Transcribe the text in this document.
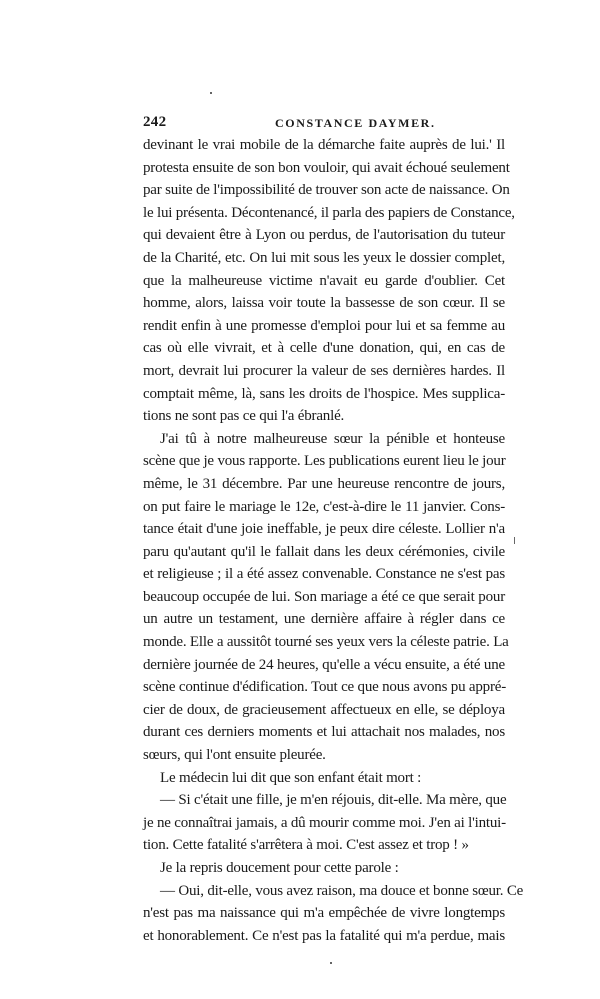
242	CONSTANCE DAYMER.
devinant le vrai mobile de la démarche faite auprès de lui.' Il
protesta ensuite de son bon vouloir, qui avait échoué seulement
par suite de l'impossibilité de trouver son acte de naissance. On
le lui présenta. Décontenancé, il parla des papiers de Constance,
qui devaient être à Lyon ou perdus, de l'autorisation du tuteur
de la Charité, etc. On lui mit sous les yeux le dossier complet,
que la malheureuse victime n'avait eu garde d'oublier. Cet
homme, alors, laissa voir toute la bassesse de son cœur. Il se
rendit enfin à une promesse d'emploi pour lui et sa femme au
cas où elle vivrait, et à celle d'une donation, qui, en cas de
mort, devrait lui procurer la valeur de ses dernières hardes. Il
comptait même, là, sans les droits de l'hospice. Mes supplica-
tions ne sont pas ce qui l'a ébranlé.
J'ai tû à notre malheureuse sœur la pénible et honteuse
scène que je vous rapporte. Les publications eurent lieu le jour
même, le 31 décembre. Par une heureuse rencontre de jours,
on put faire le mariage le 12e, c'est-à-dire le 11 janvier. Cons-
tance était d'une joie ineffable, je peux dire céleste. Lollier n'a
paru qu'autant qu'il le fallait dans les deux cérémonies, civile
et religieuse ; il a été assez convenable. Constance ne s'est pas
beaucoup occupée de lui. Son mariage a été ce que serait pour
un autre un testament, une dernière affaire à régler dans ce
monde. Elle a aussitôt tourné ses yeux vers la céleste patrie. La
dernière journée de 24 heures, qu'elle a vécu ensuite, a été une
scène continue d'édification. Tout ce que nous avons pu appré-
cier de doux, de gracieusement affectueux en elle, se déploya
durant ces derniers moments et lui attachait nos malades, nos
sœurs, qui l'ont ensuite pleurée.
Le médecin lui dit que son enfant était mort :
— Si c'était une fille, je m'en réjouis, dit-elle. Ma mère, que
je ne connaîtrai jamais, a dû mourir comme moi. J'en ai l'intui-
tion. Cette fatalité s'arrêtera à moi. C'est assez et trop ! »
Je la repris doucement pour cette parole :
— Oui, dit-elle, vous avez raison, ma douce et bonne sœur. Ce
n'est pas ma naissance qui m'a empêchée de vivre longtemps
et honorablement. Ce n'est pas la fatalité qui m'a perdue, mais
